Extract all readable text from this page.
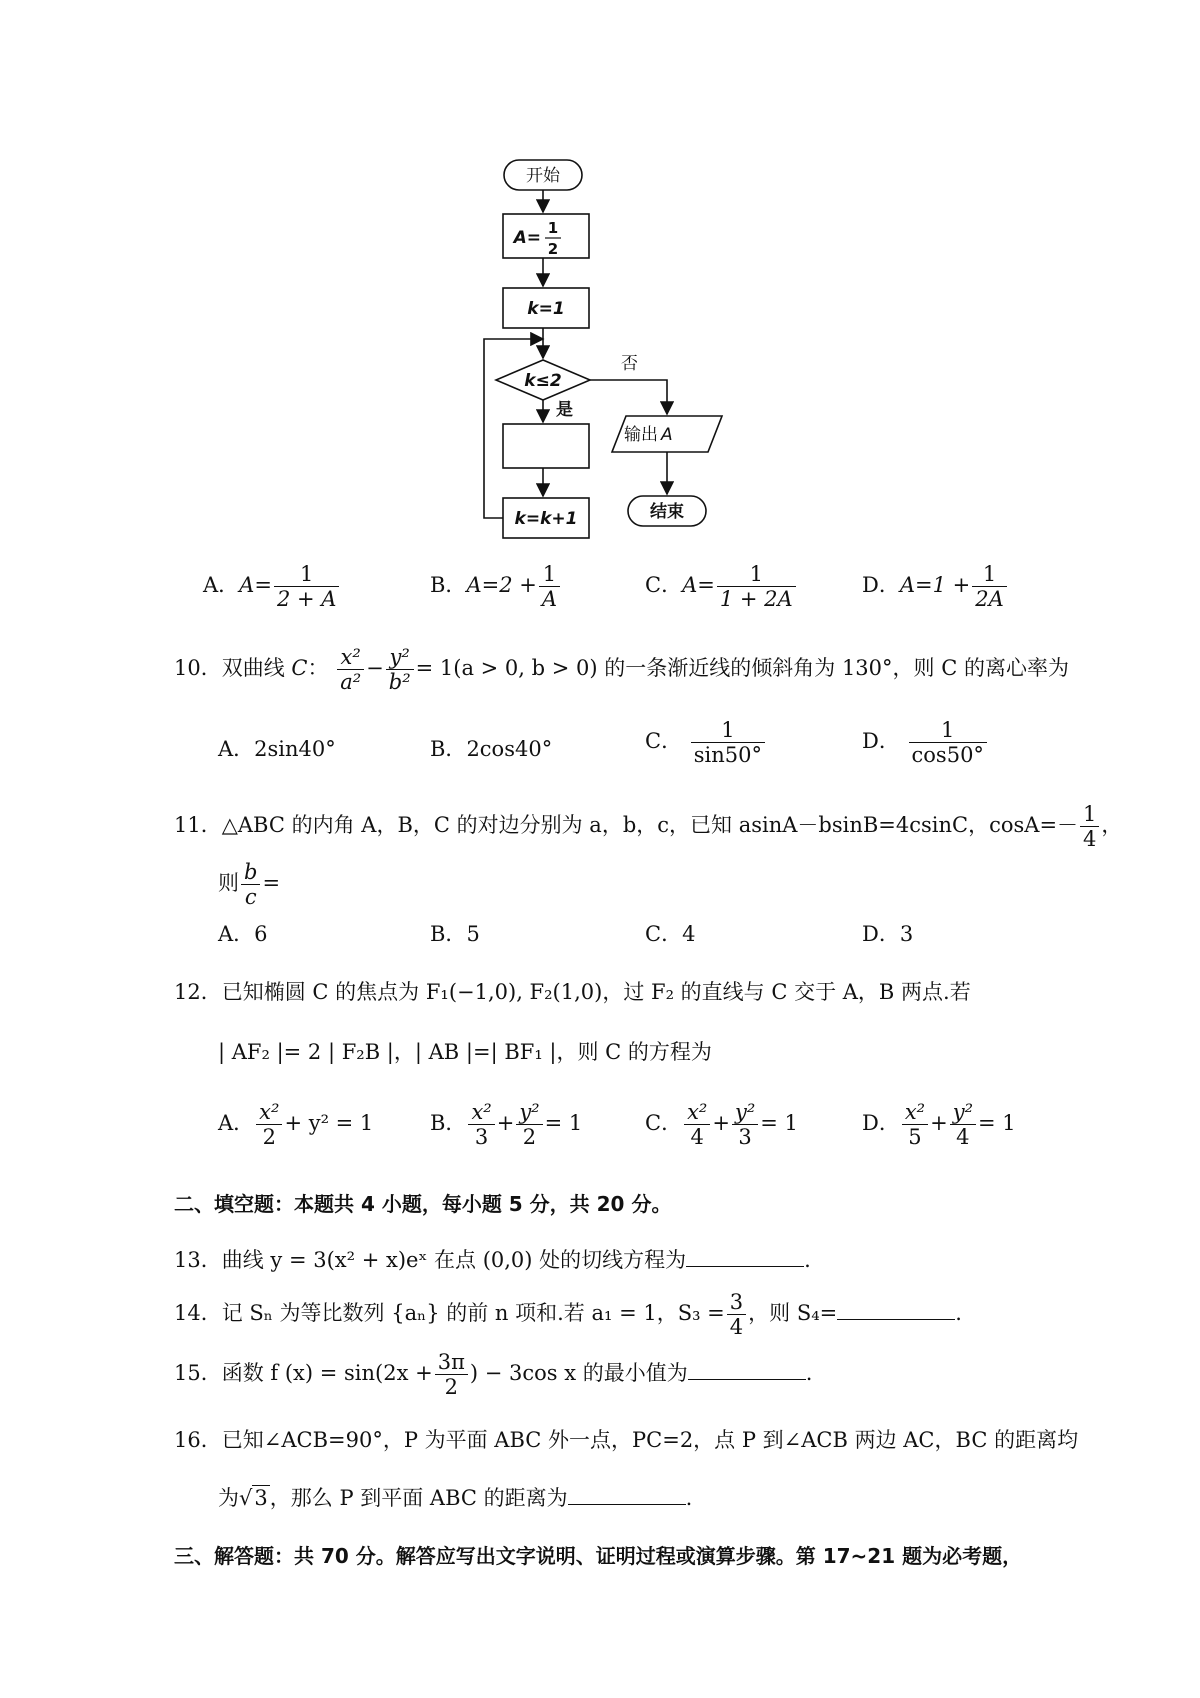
开始
A= 1
2
k=1
k≤2
否
是
k=k+1
输出 A
结束
A．$A= \frac{1}{2 + A}$	B．$A=2 + \frac{1}{A}$	C．$A= \frac{1}{1 + 2A}$	D．$A=1 + \frac{1}{2A}$
10．双曲线 C： $\frac{\text{x²}}{\text{a²}} - \frac{\text{y²}}{\text{b²}} = 1(a > 0$, b > 0) 的一条渐近线的倾斜角为 130°，则 C 的离心率为
A．2sin40°	B．2cos40°	C． $\frac{1}{\sin 50^\circ}$	D． $\frac{1}{\cos 50^\circ}$
11．△ABC 的内角 A，B，C 的对边分别为 a，b，c，已知 asinA－bsinB=4csinC，$\cos A=- \frac{1}{4}$ ，
则 $\frac{b}{c}$ =
A．6	B．5	C．4	D．3
12．已知椭圆 C 的焦点为 F₁(−1,0), F₂(1,0)，过 F₂ 的直线与 C 交于 A，B 两点.若
| AF₂ |= 2 | F₂B |，| AB |=| BF₁ |，则 C 的方程为
A． $\frac{\text{x²}}{2} + y^2 = 1$	B． $\frac{\text{x²}}{3} + \frac{\text{y²}}{2} = 1$	C． $\frac{\text{x²}}{4} + \frac{\text{y²}}{3} = 1$	D． $\frac{\text{x²}}{5} + \frac{\text{y²}}{4} = 1$
二、填空题：本题共 4 小题，每小题 5 分，共 20 分。
13．曲线 y = 3(x² + x)eˣ 在点 (0,0) 处的切线方程为	.
14．记 Sₙ 为等比数列 {aₙ} 的前 n 项和.若 a₁ = 1，$S_3 = \frac{3}{4}$ ，则 S₄=	.
15．函数 f $(x) = \sin(2x + \frac{3\pi}{2}$ ) − 3cos x 的最小值为	.
16．已知∠ACB=90°，P 为平面 ABC 外一点，PC=2，点 P 到∠ACB 两边 AC，BC 的距离均
为√3，那么 P 到平面 ABC 的距离为	.
三、解答题：共 70 分。解答应写出文字说明、证明过程或演算步骤。第 17~21 题为必考题，
